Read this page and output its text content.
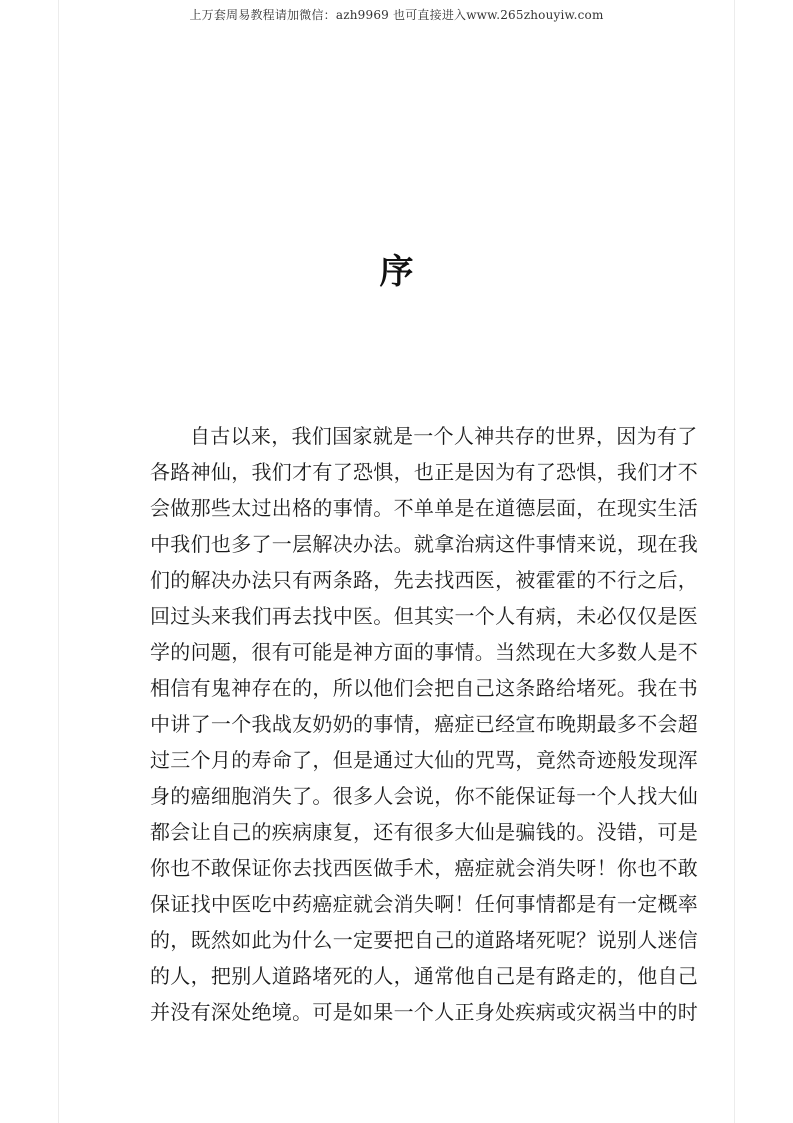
上万套周易教程请加微信：azh9969 也可直接进入www.265zhouyiw.com
序
自古以来，我们国家就是一个人神共存的世界，因为有了
各路神仙，我们才有了恐惧，也正是因为有了恐惧，我们才不
会做那些太过出格的事情。不单单是在道德层面，在现实生活
中我们也多了一层解决办法。就拿治病这件事情来说，现在我
们的解决办法只有两条路，先去找西医，被霍霍的不行之后，
回过头来我们再去找中医。但其实一个人有病，未必仅仅是医
学的问题，很有可能是神方面的事情。当然现在大多数人是不
相信有鬼神存在的，所以他们会把自己这条路给堵死。我在书
中讲了一个我战友奶奶的事情，癌症已经宣布晚期最多不会超
过三个月的寿命了，但是通过大仙的咒骂，竟然奇迹般发现浑
身的癌细胞消失了。很多人会说，你不能保证每一个人找大仙
都会让自己的疾病康复，还有很多大仙是骗钱的。没错，可是
你也不敢保证你去找西医做手术，癌症就会消失呀！你也不敢
保证找中医吃中药癌症就会消失啊！任何事情都是有一定概率
的，既然如此为什么一定要把自己的道路堵死呢？说别人迷信
的人，把别人道路堵死的人，通常他自己是有路走的，他自己
并没有深处绝境。可是如果一个人正身处疾病或灾祸当中的时
